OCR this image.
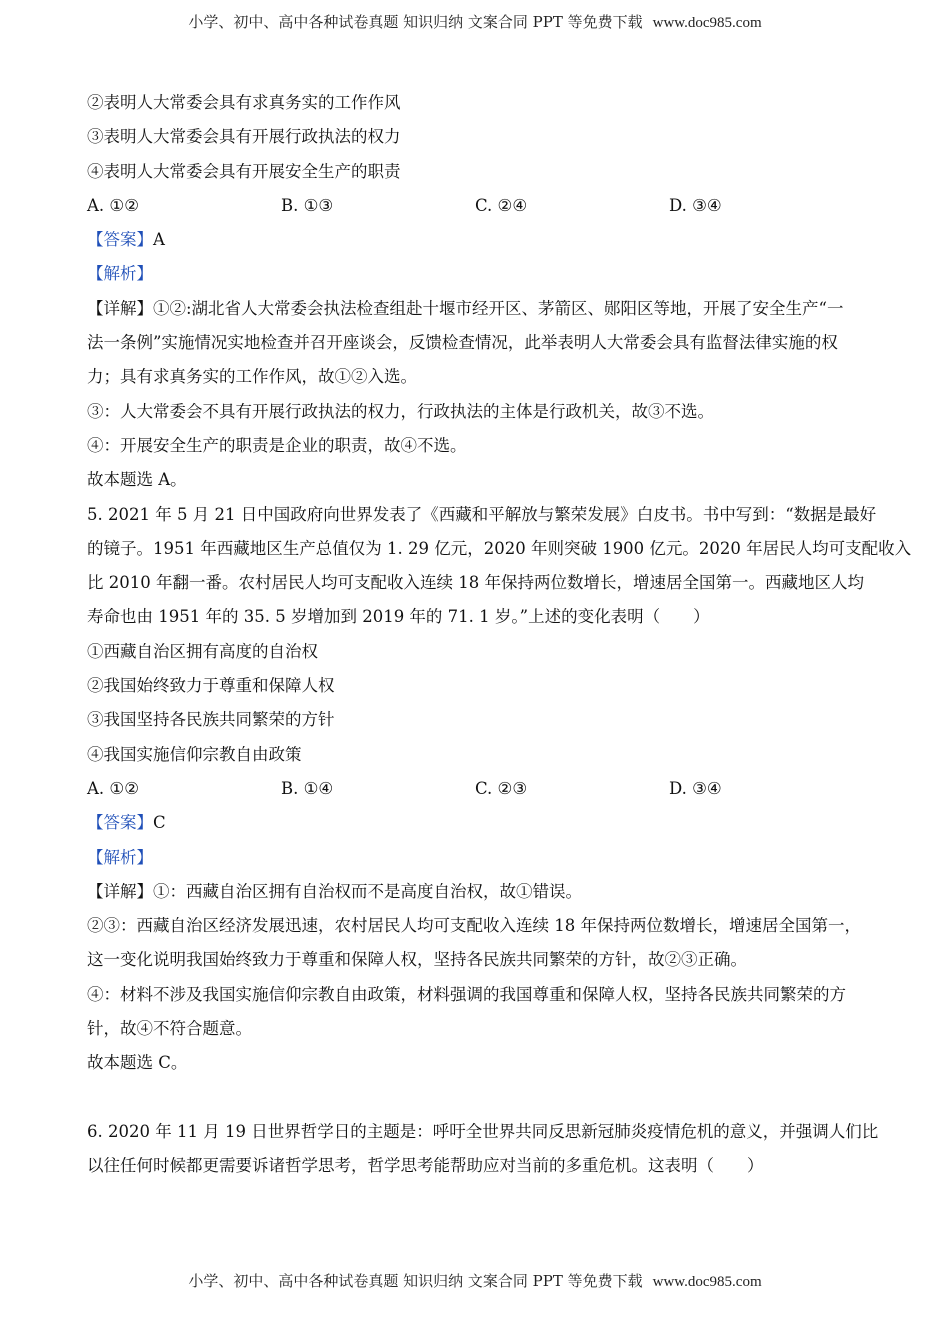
小学、初中、高中各种试卷真题 知识归纳 文案合同 PPT 等免费下载 www.doc985.com
②表明人大常委会具有求真务实的工作作风
③表明人大常委会具有开展行政执法的权力
④表明人大常委会具有开展安全生产的职责
A. ①②	B. ①③	C. ②④	D. ③④
【答案】A
【解析】
【详解】①②:湖北省人大常委会执法检查组赴十堰市经开区、茅箭区、郧阳区等地，开展了安全生产“一
法一条例”实施情况实地检查并召开座谈会，反馈检查情况，此举表明人大常委会具有监督法律实施的权
力；具有求真务实的工作作风，故①②入选。
③：人大常委会不具有开展行政执法的权力，行政执法的主体是行政机关，故③不选。
④：开展安全生产的职责是企业的职责，故④不选。
故本题选 A。
5. 2021 年 5 月 21 日中国政府向世界发表了《西藏和平解放与繁荣发展》白皮书。书中写到：“数据是最好
的镜子。1951 年西藏地区生产总值仅为 1. 29 亿元，2020 年则突破 1900 亿元。2020 年居民人均可支配收入
比 2010 年翻一番。农村居民人均可支配收入连续 18 年保持两位数增长，增速居全国第一。西藏地区人均
寿命也由 1951 年的 35. 5 岁增加到 2019 年的 71. 1 岁。”上述的变化表明（　　）
①西藏自治区拥有高度的自治权
②我国始终致力于尊重和保障人权
③我国坚持各民族共同繁荣的方针
④我国实施信仰宗教自由政策
A. ①②	B. ①④	C. ②③	D. ③④
【答案】C
【解析】
【详解】①：西藏自治区拥有自治权而不是高度自治权，故①错误。
②③：西藏自治区经济发展迅速，农村居民人均可支配收入连续 18 年保持两位数增长，增速居全国第一，
这一变化说明我国始终致力于尊重和保障人权，坚持各民族共同繁荣的方针，故②③正确。
④：材料不涉及我国实施信仰宗教自由政策，材料强调的我国尊重和保障人权，坚持各民族共同繁荣的方
针，故④不符合题意。
故本题选 C。
6. 2020 年 11 月 19 日世界哲学日的主题是：呼吁全世界共同反思新冠肺炎疫情危机的意义，并强调人们比
以往任何时候都更需要诉诸哲学思考，哲学思考能帮助应对当前的多重危机。这表明（　　）
小学、初中、高中各种试卷真题 知识归纳 文案合同 PPT 等免费下载 www.doc985.com
